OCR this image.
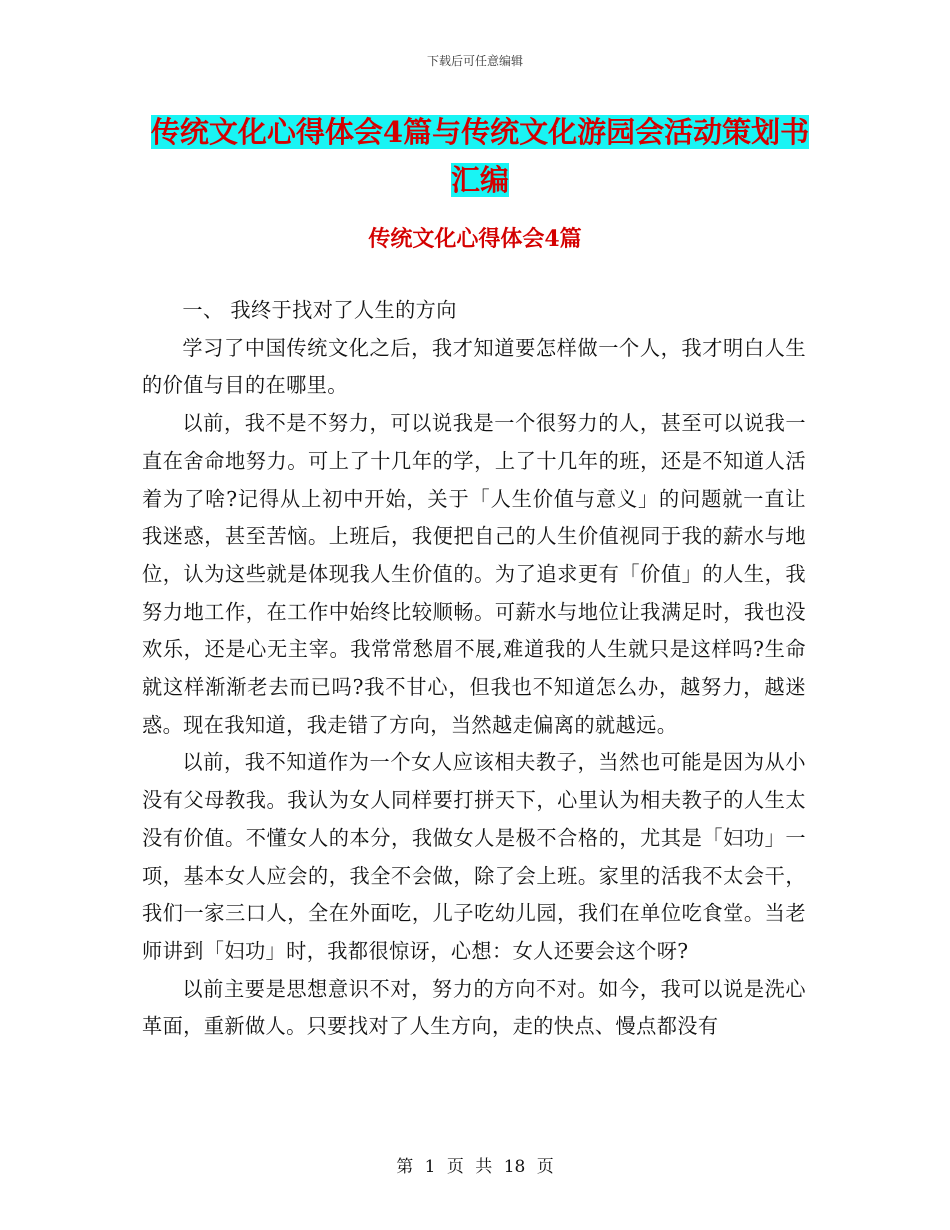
下载后可任意编辑
传统文化心得体会4篇与传统文化游园会活动策划书汇编
传统文化心得体会4篇

一、 我终于找对了人生的方向

学习了中国传统文化之后，我才知道要怎样做一个人，我才明白人生的价值与目的在哪里。

以前，我不是不努力，可以说我是一个很努力的人，甚至可以说我一直在舍命地努力。可上了十几年的学，上了十几年的班，还是不知道人活着为了啥?记得从上初中开始，关于「人生价值与意义」的问题就一直让我迷惑，甚至苦恼。上班后，我便把自己的人生价值视同于我的薪水与地位，认为这些就是体现我人生价值的。为了追求更有「价值」的人生，我努力地工作，在工作中始终比较顺畅。可薪水与地位让我满足时，我也没欢乐，还是心无主宰。我常常愁眉不展,难道我的人生就只是这样吗?生命就这样渐渐老去而已吗?我不甘心，但我也不知道怎么办，越努力，越迷惑。现在我知道，我走错了方向，当然越走偏离的就越远。

以前，我不知道作为一个女人应该相夫教子，当然也可能是因为从小没有父母教我。我认为女人同样要打拼天下，心里认为相夫教子的人生太没有价值。不懂女人的本分，我做女人是极不合格的，尤其是「妇功」一项，基本女人应会的，我全不会做，除了会上班。家里的活我不太会干，我们一家三口人，全在外面吃，儿子吃幼儿园，我们在单位吃食堂。当老师讲到「妇功」时，我都很惊讶，心想：女人还要会这个呀?

以前主要是思想意识不对，努力的方向不对。如今，我可以说是洗心革面，重新做人。只要找对了人生方向，走的快点、慢点都没有

第 1 页 共 18 页
